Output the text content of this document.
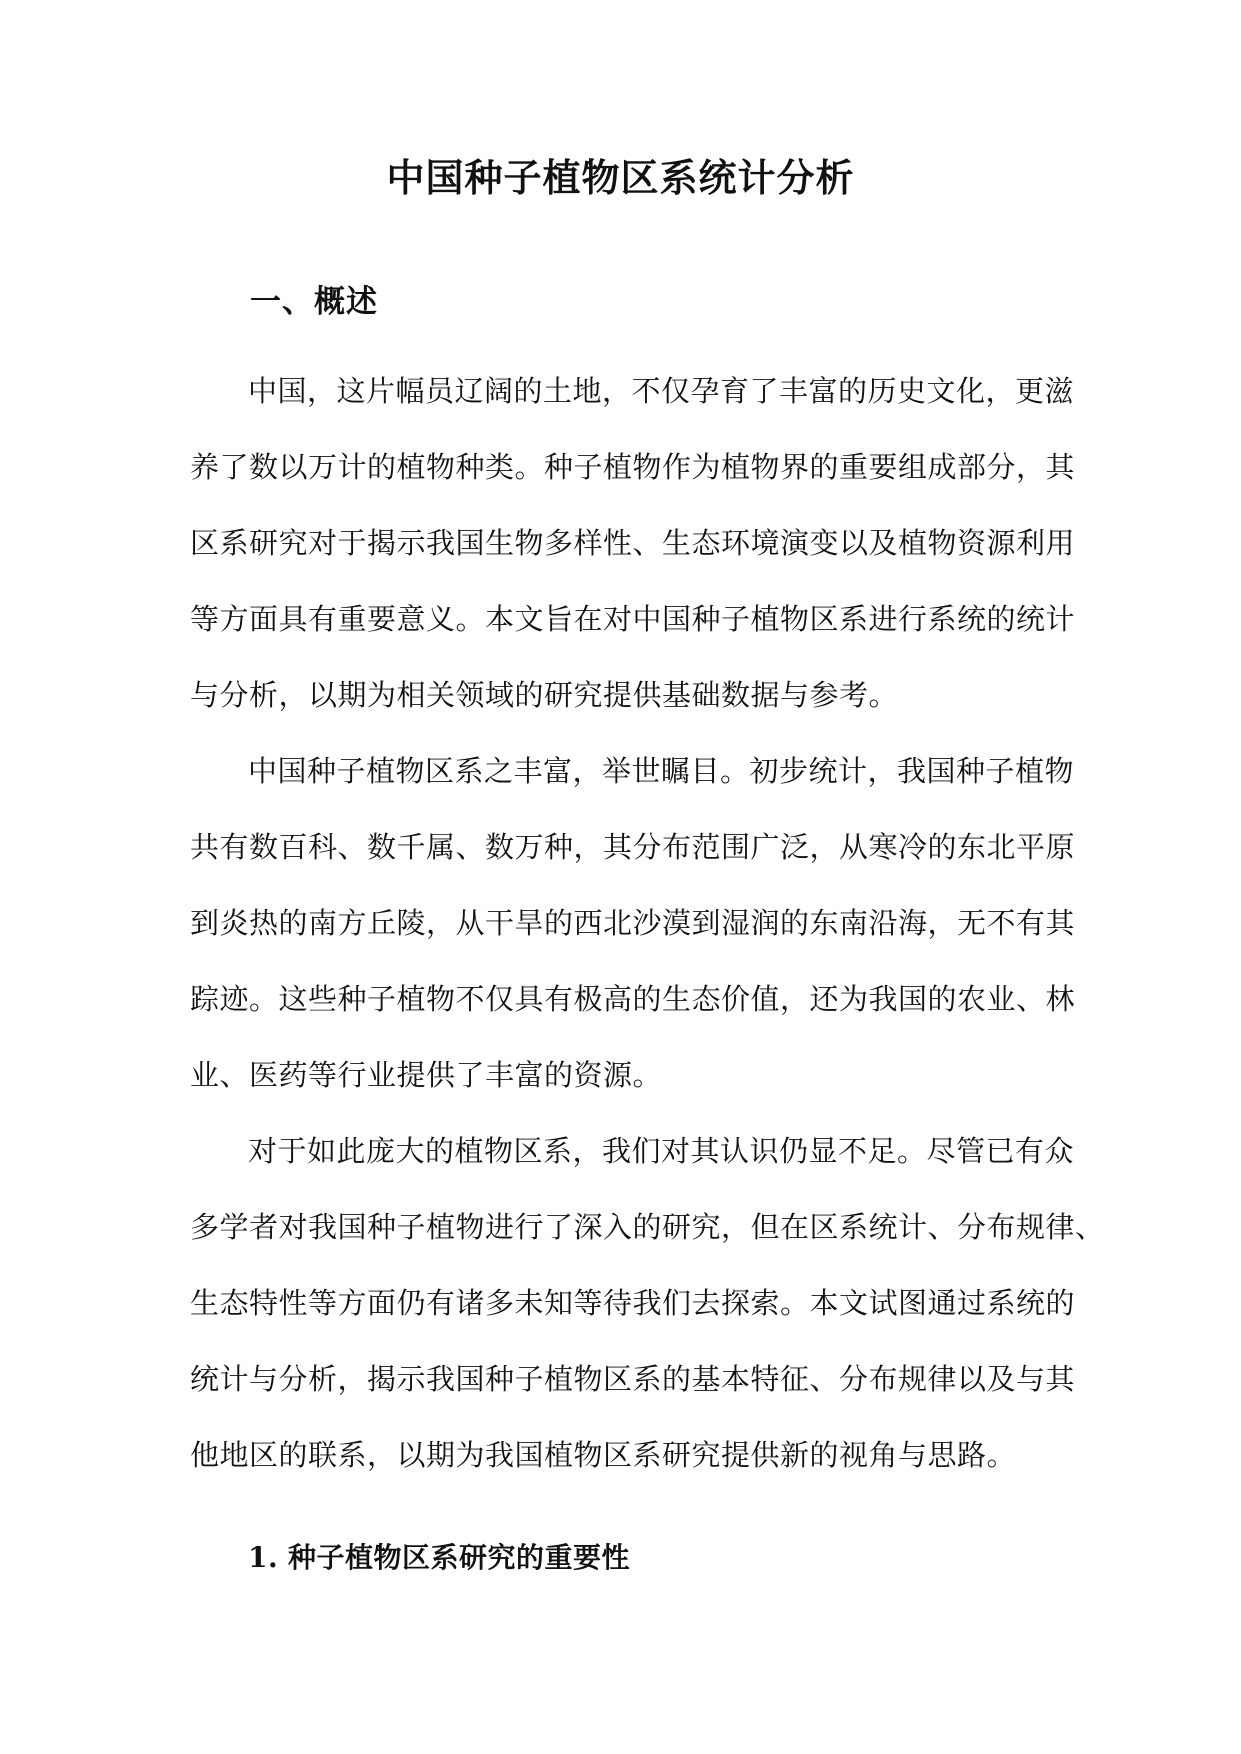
中国种子植物区系统计分析
一、概述
中国，这片幅员辽阔的土地，不仅孕育了丰富的历史文化，更滋
养了数以万计的植物种类。种子植物作为植物界的重要组成部分，其
区系研究对于揭示我国生物多样性、生态环境演变以及植物资源利用
等方面具有重要意义。本文旨在对中国种子植物区系进行系统的统计
与分析，以期为相关领域的研究提供基础数据与参考。
中国种子植物区系之丰富，举世瞩目。初步统计，我国种子植物
共有数百科、数千属、数万种，其分布范围广泛，从寒冷的东北平原
到炎热的南方丘陵，从干旱的西北沙漠到湿润的东南沿海，无不有其
踪迹。这些种子植物不仅具有极高的生态价值，还为我国的农业、林
业、医药等行业提供了丰富的资源。
对于如此庞大的植物区系，我们对其认识仍显不足。尽管已有众
多学者对我国种子植物进行了深入的研究，但在区系统计、分布规律、
生态特性等方面仍有诸多未知等待我们去探索。本文试图通过系统的
统计与分析，揭示我国种子植物区系的基本特征、分布规律以及与其
他地区的联系，以期为我国植物区系研究提供新的视角与思路。
1. 种子植物区系研究的重要性
